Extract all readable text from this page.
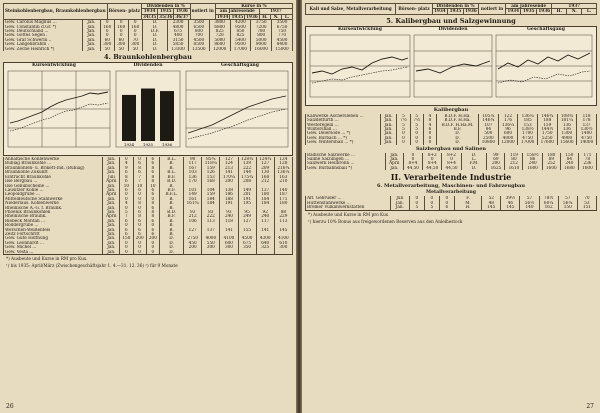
Steinkohlenbergbau, Braunkohlenbergbau	Börsen- platz	Dividenden in %			notiert in	Kurse in %					
		1934	1935	1936		am Jahresende			1937		
		34/35	35/36	36/37		1934	1935	1936	H.	N.	L.
Gew. Carolus Magnus ...	Jan.	0	0	0	D.	2300	3500	3800	4200	3750	3500
Gew. Constantin d.Gr. *)	Jan.	160	160	160	D.	4800	6500	6800	9500	7200	6750
Gew. Deutschland ...	Jan.	0	0	0	D.F.	675	800	825	850	780	750
Gew. Gottes Segen .	Jan.	0	0	0	D.	400	700	720	825	800	770
Gew. Graf Schwerin ..	Jan.	60	60	70	D.	3150	4500	5000	5400	5000	4500
Gew. Langenbrahm .	Jan.	300	300	300	D.	5850	8500	8600	9500	9000	8400
Gew. Zeche Heinrich *)	Jan.	50	50	50	D.	13300	13500	12000	17000	16000	15000
4. Braunkohlenbergbau
Kursentwicklung	Dividenden	Geschäftsgang
1934 1935 1936
Anhaltische Kohlenwerke	Jan.	0	0	6	B.L.	90	85¾	127	128¾	124¾	124
Bubiag Braunkohle ...	Jan.	4	6	6	B.	117	118¼	124	139	127	128
Braunkohlen- u. Brikett-Ind. (Bubiag)	Jan.	9	8	8	B.	167	159	213	222	209	216¾
Braunkohle Zukunft	Jan.	6	6	6	B.L.	103	126	141	144	130	136¼
Eintracht Braunkohle	Juli	8	7	8	B.F.	136	153	170¼	175¾	168	163
Ilse Bergbau ...	April	6	7	8	B.D.	170	168	200	208	212	210
Ilse Genußscheine ...	Jan.	10	10	10	B.						
Lausitzer Kohle ...	Jan.	6	6	6	B.F.	101	104	138	149	137	140
Leopoldgrube ...	April	0	0	6	B.F.L.	149	159	186	201	180	187
Mitteldeutsche Stahlwerke	Jan.	0	0	0	B.	161	184	188	191	184	171
Niederlaus. Kohlenwerke	Jan.	4	8	8	B.	161¾	184	191	195	184	180
Rheinische A.-G. f. Braunk.	Jan.	0	0	6	B.						
Phoenix Braunkohlen	Jan.	5	6	8	B.D.	93	83	93	95	92	88
Rheinische Braunk.	April	7	8	8	B.F.	212	222	240	249	240	229
Riebeck Montan ...	Jan.	6	6	6	B.	106	113	118	127	117	113
Roddergrube ...	Jan.	0	0	0	B.						
Werschen-Weißenfels	Jan.	6	6	6	B.	127	137	141	155	141	145
Zeitz Fortschritt	Jan.	6	6	6	B.						
Gew. Gute Hoffnung	Jan.	150	200	200	D.	2750	4000	4100	4500	4300	4100
Gew. Leonhardt ...	Jan.	0	0	0	D.	450	550	600	675	640	610
Gew. Michel ...	Jan.	0	0	0	D.	200	300	300	350	325	300
Gew. Vesta ...	Jan.	0	0	0	D.						
*) Ausbeute und Kurse in RM pro Kux.
¹) bis 1935: April/März (Zwischengeschäftsjahr 1. 4.—31. 12. 36) ²) für 9 Monate
26
Kali und Salze, Metallverarbeitung	Börsen- platz	Dividenden in %			notiert in	am Jahresende			1937		
		1934	1935	1936		1934	1935	1936	H.	N.	L.
5. Kalibergbau und Salzgewinnung
Kursentwicklung	Dividenden	Geschäftsgang
Kalibergbau
Kaliwerke Aschersleben ...	Jan.	5	5	4	B.D.F. H.Ha.	105¼	122	136¼	146¾	108¾	118
Salzdetfurth ...	Jan.	7½	7½	8	B.D.F. H.Ha.	146¾	176	185	188	181¼	178
Westeregeln ...	Jan.	5	5	4	B.D.F. H.Ha.M.	107	136¼	153	159	136	137
Wintershall ...	Jan.	5	5	6	B.F.	84	96	138½	144½	136	130½
Gew. Deiersode ... *)	Jan.	0	0	0	D.	500	600	1700	1750	1300	1400
Gew. Burbach ... *)	Jan.	0	0	0	D.	2500	4000	4750	5250	4900	4750
Gew. Wintershall ... *)	Jan.	0	0	0	D.	10800	12000	17000	17600	15600	14000
Salzbergbau und Salinen
Badische Salzwerke ...	Jan.	0	8+2	8+2	D.	99	119	158½	180	150	171
Saline Salzungen ...	Jan.	0	0	0	L.	69	80	86	89	84	78
Salzwerk Heilbronn ...	April	8+4	8+4	8+4	F.M.	200	212	240	252	240	236
Gew. Burbahnsball *)	Jan.	44,50	44,50	44,50	D.	1625	1610	1600	1600	1680	1600
II. Verarbeitende Industrie
6. Metallverarbeitung, Maschinen- und Fahrzeugbau
Metallverarbeitung
Aft. Gebrüder ...	Juli	0	0	0	F.	52	39½	57	78½	57	70
Hüttenstahlwerke ...	Jan.	0	0	0	M.	48	46	56½	60¼	56¼	53
Bremer Vulkanwerkstätten	Jan.	5	5	6	H.	145	145	140	162	150	151
*) Ausbeute und Kurse in RM pro Kux
¹) hierzu 10% Bonus aus freigewordenen Reserven aus den Anleihestock
27
